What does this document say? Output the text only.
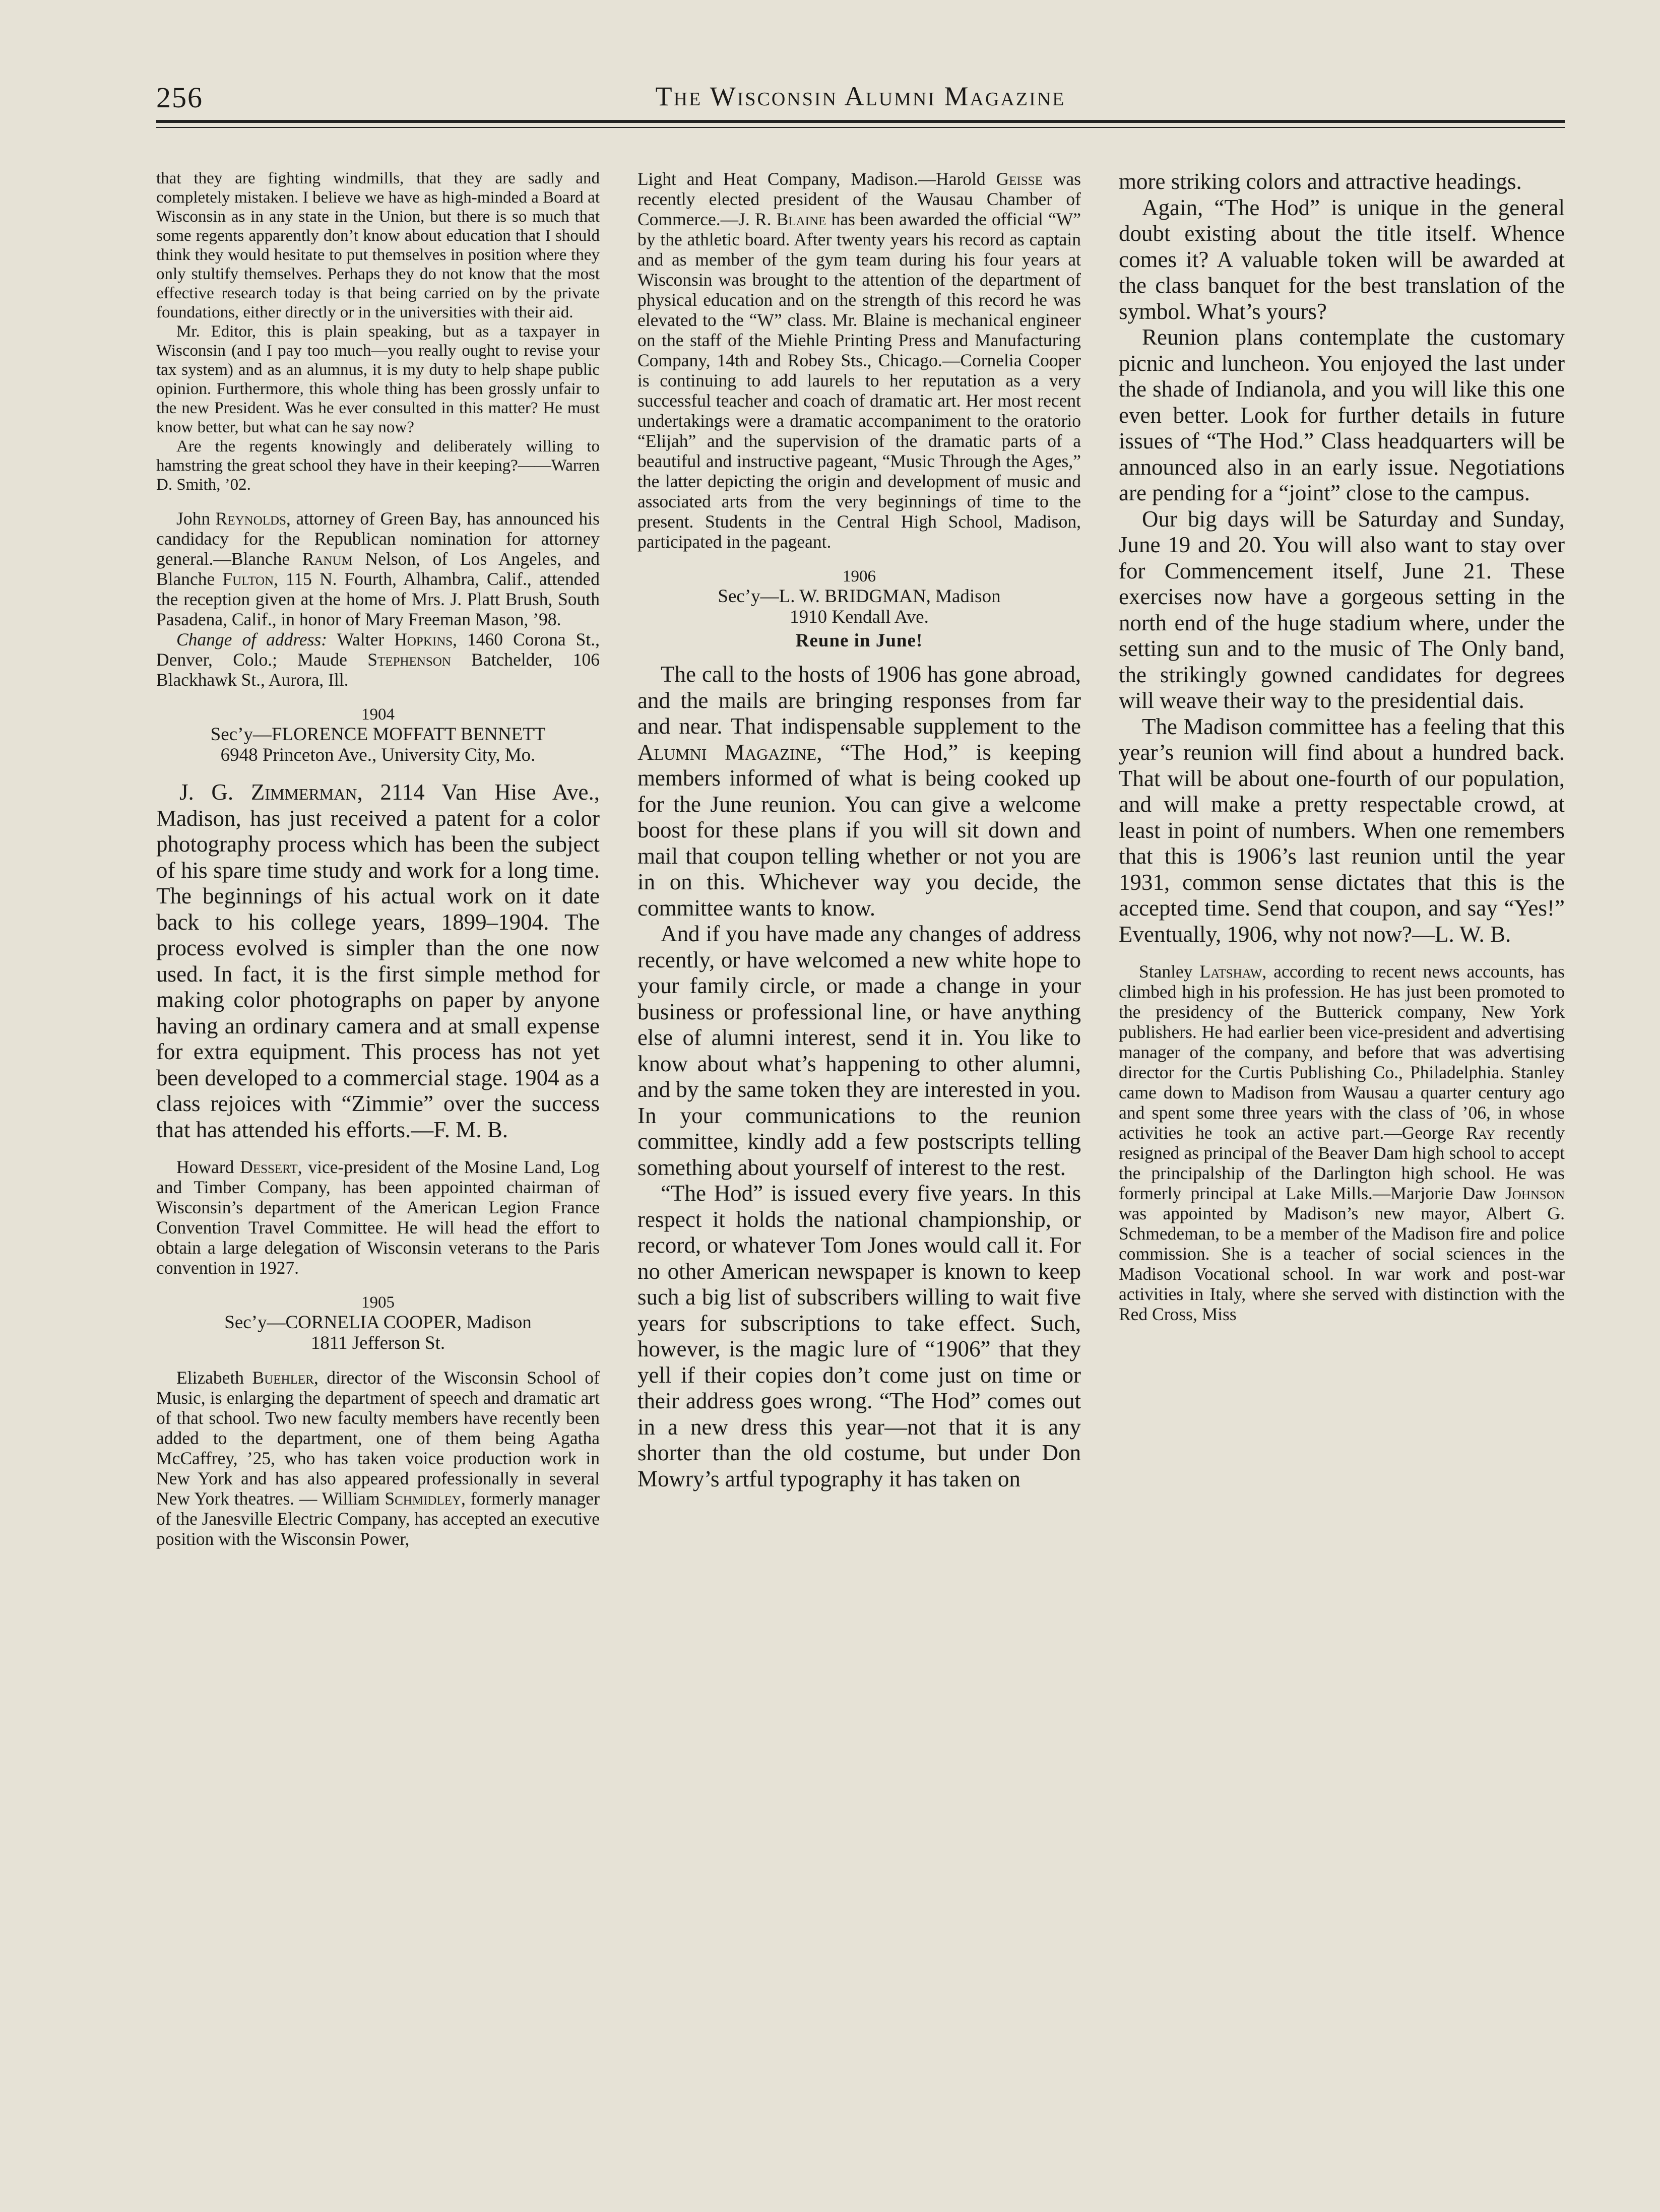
256	The Wisconsin Alumni Magazine

that they are fighting windmills, that they are sadly and completely mistaken. I believe we have as high-minded a Board at Wisconsin as in any state in the Union, but there is so much that some regents apparently don’t know about education that I should think they would hesitate to put themselves in position where they only stultify themselves. Perhaps they do not know that the most effective research today is that being carried on by the private foundations, either directly or in the universities with their aid.

Mr. Editor, this is plain speaking, but as a taxpayer in Wisconsin (and I pay too much—you really ought to revise your tax system) and as an alumnus, it is my duty to help shape public opinion. Furthermore, this whole thing has been grossly unfair to the new President. Was he ever consulted in this matter? He must know better, but what can he say now?

Are the regents knowingly and deliberately willing to hamstring the great school they have in their keeping?——Warren D. Smith, ’02.

John Reynolds, attorney of Green Bay, has announced his candidacy for the Republican nomination for attorney general.—Blanche Ranum Nelson, of Los Angeles, and Blanche Fulton, 115 N. Fourth, Alhambra, Calif., attended the reception given at the home of Mrs. J. Platt Brush, South Pasadena, Calif., in honor of Mary Freeman Mason, ’98.

Change of address: Walter Hopkins, 1460 Corona St., Denver, Colo.; Maude Stephenson Batchelder, 106 Blackhawk St., Aurora, Ill.

1904

Sec’y—FLORENCE MOFFATT BENNETT

6948 Princeton Ave., University City, Mo.

J. G. Zimmerman, 2114 Van Hise Ave., Madison, has just received a patent for a color photography process which has been the subject of his spare time study and work for a long time. The beginnings of his actual work on it date back to his college years, 1899–1904. The process evolved is simpler than the one now used. In fact, it is the first simple method for making color photographs on paper by anyone having an ordinary camera and at small expense for extra equipment. This process has not yet been developed to a commercial stage. 1904 as a class rejoices with “Zimmie” over the success that has attended his efforts.—F. M. B.

Howard Dessert, vice-president of the Mosine Land, Log and Timber Company, has been appointed chairman of Wisconsin’s department of the American Legion France Convention Travel Committee. He will head the effort to obtain a large delegation of Wisconsin veterans to the Paris convention in 1927.

1905

Sec’y—CORNELIA COOPER, Madison

1811 Jefferson St.

Elizabeth Buehler, director of the Wisconsin School of Music, is enlarging the department of speech and dramatic art of that school. Two new faculty members have recently been added to the department, one of them being Agatha McCaffrey, ’25, who has taken voice production work in New York and has also appeared professionally in several New York theatres. — William Schmidley, formerly manager of the Janesville Electric Company, has accepted an executive position with the Wisconsin Power,

Light and Heat Company, Madison.—Harold Geisse was recently elected president of the Wausau Chamber of Commerce.—J. R. Blaine has been awarded the official “W” by the athletic board. After twenty years his record as captain and as member of the gym team during his four years at Wisconsin was brought to the attention of the department of physical education and on the strength of this record he was elevated to the “W” class. Mr. Blaine is mechanical engineer on the staff of the Miehle Printing Press and Manufacturing Company, 14th and Robey Sts., Chicago.—Cornelia Cooper is continuing to add laurels to her reputation as a very successful teacher and coach of dramatic art. Her most recent undertakings were a dramatic accompaniment to the oratorio “Elijah” and the supervision of the dramatic parts of a beautiful and instructive pageant, “Music Through the Ages,” the latter depicting the origin and development of music and associated arts from the very beginnings of time to the present. Students in the Central High School, Madison, participated in the pageant.

1906

Sec’y—L. W. BRIDGMAN, Madison

1910 Kendall Ave.

Reune in June!

The call to the hosts of 1906 has gone abroad, and the mails are bringing responses from far and near. That indispensable supplement to the Alumni Magazine, “The Hod,” is keeping members informed of what is being cooked up for the June reunion. You can give a welcome boost for these plans if you will sit down and mail that coupon telling whether or not you are in on this. Whichever way you decide, the committee wants to know.

And if you have made any changes of address recently, or have welcomed a new white hope to your family circle, or made a change in your business or professional line, or have anything else of alumni interest, send it in. You like to know about what’s happening to other alumni, and by the same token they are interested in you. In your communications to the reunion committee, kindly add a few postscripts telling something about yourself of interest to the rest.

“The Hod” is issued every five years. In this respect it holds the national championship, or record, or whatever Tom Jones would call it. For no other American newspaper is known to keep such a big list of subscribers willing to wait five years for subscriptions to take effect. Such, however, is the magic lure of “1906” that they yell if their copies don’t come just on time or their address goes wrong. “The Hod” comes out in a new dress this year—not that it is any shorter than the old costume, but under Don Mowry’s artful typography it has taken on

more striking colors and attractive headings.

Again, “The Hod” is unique in the general doubt existing about the title itself. Whence comes it? A valuable token will be awarded at the class banquet for the best translation of the symbol. What’s yours?

Reunion plans contemplate the customary picnic and luncheon. You enjoyed the last under the shade of Indianola, and you will like this one even better. Look for further details in future issues of “The Hod.” Class headquarters will be announced also in an early issue. Negotiations are pending for a “joint” close to the campus.

Our big days will be Saturday and Sunday, June 19 and 20. You will also want to stay over for Commencement itself, June 21. These exercises now have a gorgeous setting in the north end of the huge stadium where, under the setting sun and to the music of The Only band, the strikingly gowned candidates for degrees will weave their way to the presidential dais.

The Madison committee has a feeling that this year’s reunion will find about a hundred back. That will be about one-fourth of our population, and will make a pretty respectable crowd, at least in point of numbers. When one remembers that this is 1906’s last reunion until the year 1931, common sense dictates that this is the accepted time. Send that coupon, and say “Yes!” Eventually, 1906, why not now?—L. W. B.

Stanley Latshaw, according to recent news accounts, has climbed high in his profession. He has just been promoted to the presidency of the Butterick company, New York publishers. He had earlier been vice-president and advertising manager of the company, and before that was advertising director for the Curtis Publishing Co., Philadelphia. Stanley came down to Madison from Wausau a quarter century ago and spent some three years with the class of ’06, in whose activities he took an active part.—George Ray recently resigned as principal of the Beaver Dam high school to accept the principalship of the Darlington high school. He was formerly principal at Lake Mills.—Marjorie Daw Johnson was appointed by Madison’s new mayor, Albert G. Schmedeman, to be a member of the Madison fire and police commission. She is a teacher of social sciences in the Madison Vocational school. In war work and post-war activities in Italy, where she served with distinction with the Red Cross, Miss
